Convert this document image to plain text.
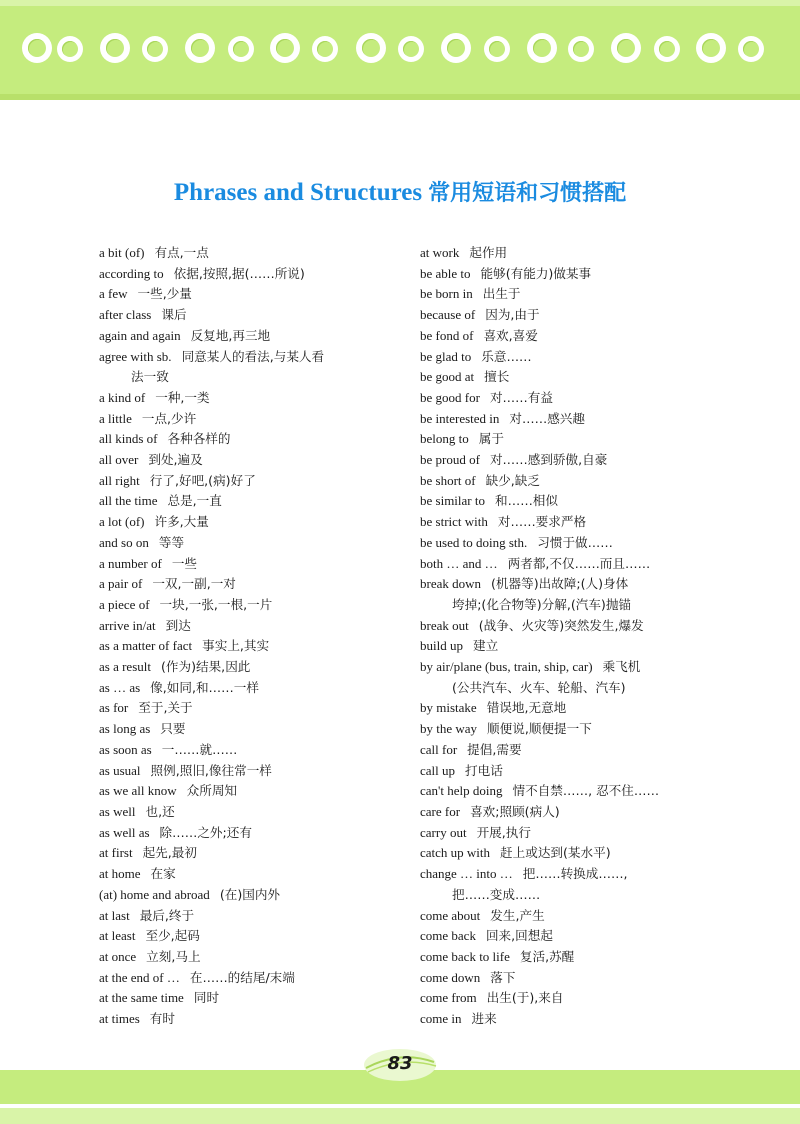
Phrases and Structures 常用短语和习惯搭配
a bit (of) 有点,一点
according to 依据,按照,据(……所说)
a few 一些,少量
after class 课后
again and again 反复地,再三地
agree with sb. 同意某人的看法,与某人看
法一致
a kind of 一种,一类
a little 一点,少许
all kinds of 各种各样的
all over 到处,遍及
all right 行了,好吧,(病)好了
all the time 总是,一直
a lot (of) 许多,大量
and so on 等等
a number of 一些
a pair of 一双,一副,一对
a piece of 一块,一张,一根,一片
arrive in/at 到达
as a matter of fact 事实上,其实
as a result (作为)结果,因此
as … as 像,如同,和……一样
as for 至于,关于
as long as 只要
as soon as 一……就……
as usual 照例,照旧,像往常一样
as we all know 众所周知
as well 也,还
as well as 除……之外;还有
at first 起先,最初
at home 在家
(at) home and abroad (在)国内外
at last 最后,终于
at least 至少,起码
at once 立刻,马上
at the end of … 在……的结尾/末端
at the same time 同时
at times 有时
at work 起作用
be able to 能够(有能力)做某事
be born in 出生于
because of 因为,由于
be fond of 喜欢,喜爱
be glad to 乐意……
be good at 擅长
be good for 对……有益
be interested in 对……感兴趣
belong to 属于
be proud of 对……感到骄傲,自豪
be short of 缺少,缺乏
be similar to 和……相似
be strict with 对……要求严格
be used to doing sth. 习惯于做……
both … and … 两者都,不仅……而且……
break down (机器等)出故障;(人)身体
垮掉;(化合物等)分解,(汽车)抛锚
break out (战争、火灾等)突然发生,爆发
build up 建立
by air/plane (bus, train, ship, car) 乘飞机
(公共汽车、火车、轮船、汽车)
by mistake 错误地,无意地
by the way 顺便说,顺便提一下
call for 提倡,需要
call up 打电话
can't help doing 情不自禁……, 忍不住……
care for 喜欢;照顾(病人)
carry out 开展,执行
catch up with 赶上或达到(某水平)
change … into … 把……转换成……,
把……变成……
come about 发生,产生
come back 回来,回想起
come back to life 复活,苏醒
come down 落下
come from 出生(于),来自
come in 进来
83
